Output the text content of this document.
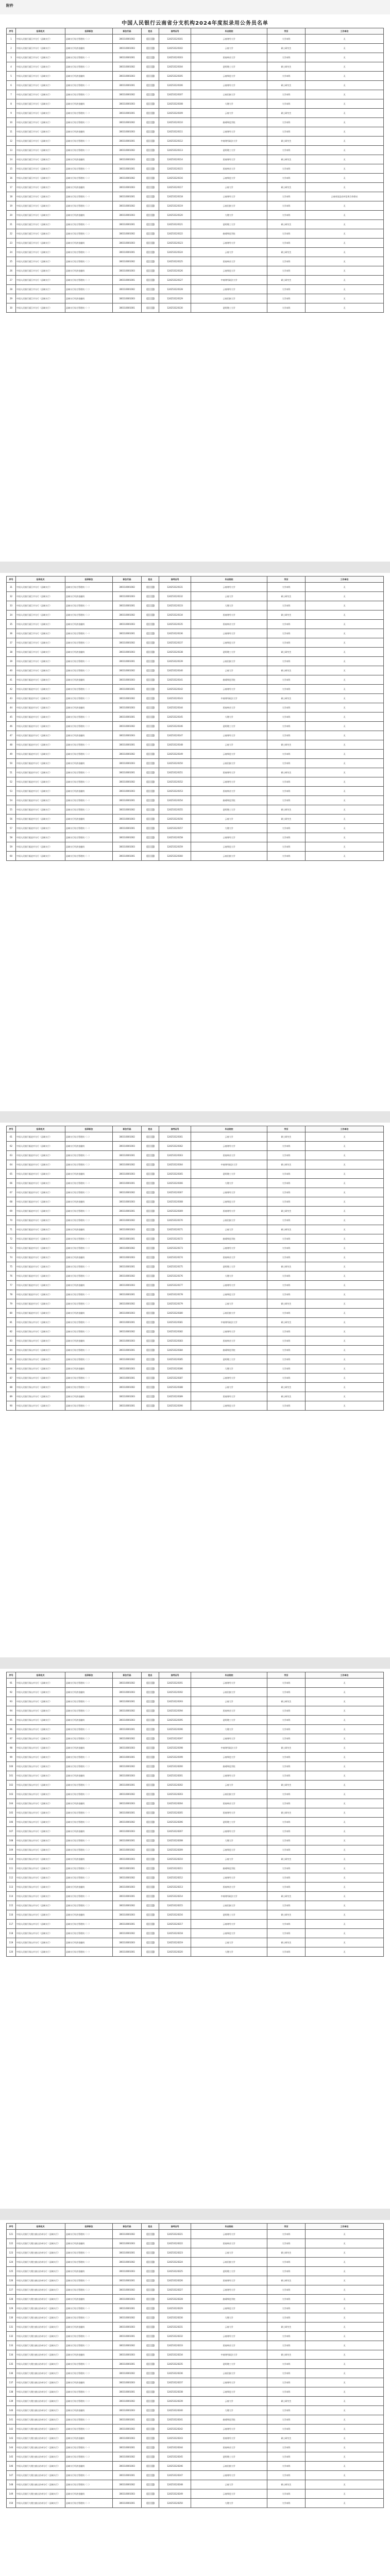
附件
中国人民银行云南省分支机构2024年度拟录用公务员名单
序号	招录机关	招录职位	职位代码	姓名	准考证号	毕业院校	学历	工作单位
1	中国人民银行丽江市分行（县域支行）	县域支行综合管理岗（二）	300110001002		124253120101	云南财经大学	大学本科	无
2	中国人民银行丽江市分行（县域支行）	县域支行经济金融岗	300110001003		124253120102	云南大学	硕士研究生	无
3	中国人民银行丽江市分行（县域支行）	县域支行综合管理岗（一）	300110001001		124253120103	西南林业大学	大学本科	无
4	中国人民银行丽江市分行（县域支行）	县域支行综合管理岗（二）	300110001002		124253120104	昆明理工大学	硕士研究生	无
5	中国人民银行丽江市分行（县域支行）	县域支行经济金融岗	300110001003		124253120105	云南师范大学	大学本科	无
6	中国人民银行丽江市分行（县域支行）	县域支行综合管理岗（一）	300110001001		124253120106	云南财经大学	硕士研究生	无
7	中国人民银行丽江市分行（县域支行）	县域支行综合管理岗（二）	300110001002		124253120107	云南民族大学	大学本科	无
8	中国人民银行丽江市分行（县域支行）	县域支行经济金融岗	300110001003		124253120108	大理大学	大学本科	无
9	中国人民银行丽江市分行（县域支行）	县域支行综合管理岗（一）	300110001001		124253120109	云南大学	硕士研究生	无
10	中国人民银行丽江市分行（县域支行）	县域支行综合管理岗（二）	300110001002		124253120110	曲靖师范学院	大学本科	无
11	中国人民银行丽江市分行（县域支行）	县域支行经济金融岗	300110001003		124253120111	云南财经大学	大学本科	无
12	中国人民银行丽江市分行（县域支行）	县域支行综合管理岗（一）	300110001001		124253120112	中南财经政法大学	硕士研究生	无
13	中国人民银行丽江市分行（县域支行）	县域支行综合管理岗（二）	300110001002		124253120113	昆明理工大学	大学本科	无
14	中国人民银行丽江市分行（县域支行）	县域支行经济金融岗	300110001003		124253120114	西南财经大学	硕士研究生	无
15	中国人民银行丽江市分行（县域支行）	县域支行综合管理岗（一）	300110001001		124253120115	西南林业大学	大学本科	无
16	中国人民银行丽江市分行（县域支行）	县域支行综合管理岗（二）	300110001002		124253120116	云南师范大学	大学本科	无
17	中国人民银行丽江市分行（县域支行）	县域支行经济金融岗	300110001003		124253120117	云南大学	硕士研究生	无
18	中国人民银行丽江市分行（县域支行）	县域支行综合管理岗（一）	300110001001		124253120118	云南财经大学	大学本科	云南省某县农村信用合作联社
19	中国人民银行丽江市分行（县域支行）	县域支行综合管理岗（二）	300110001002		124253120119	云南民族大学	大学本科	无
20	中国人民银行丽江市分行（县域支行）	县域支行经济金融岗	300110001003		124253120120	大理大学	大学本科	无
21	中国人民银行丽江市分行（县域支行）	县域支行综合管理岗（一）	300110001001		124253120121	昆明理工大学	硕士研究生	无
22	中国人民银行丽江市分行（县域支行）	县域支行综合管理岗（二）	300110001002		124253120122	曲靖师范学院	大学本科	无
23	中国人民银行丽江市分行（县域支行）	县域支行经济金融岗	300110001003		124253120123	云南财经大学	大学本科	无
24	中国人民银行丽江市分行（县域支行）	县域支行综合管理岗（一）	300110001001		124253120124	云南大学	硕士研究生	无
25	中国人民银行丽江市分行（县域支行）	县域支行综合管理岗（二）	300110001002		124253120125	西南林业大学	大学本科	无
26	中国人民银行丽江市分行（县域支行）	县域支行经济金融岗	300110001003		124253120126	云南师范大学	大学本科	无
27	中国人民银行丽江市分行（县域支行）	县域支行综合管理岗（一）	300110001001		124253120127	中南财经政法大学	硕士研究生	无
28	中国人民银行丽江市分行（县域支行）	县域支行综合管理岗（二）	300110001002		124253120128	云南财经大学	大学本科	无
29	中国人民银行丽江市分行（县域支行）	县域支行经济金融岗	300110001003		124253120129	云南民族大学	大学本科	无
30	中国人民银行丽江市分行（县域支行）	县域支行综合管理岗（一）	300110001001		124253120130	昆明理工大学	大学本科	无
序号	招录机关	招录职位	职位代码	姓名	准考证号	毕业院校	学历	工作单位
31	中国人民银行丽江市分行（县域支行）	县域支行综合管理岗（二）	300110001002		124253120131	云南财经大学	大学本科	无
32	中国人民银行丽江市分行（县域支行）	县域支行经济金融岗	300110001003		124253120132	云南大学	硕士研究生	无
33	中国人民银行丽江市分行（县域支行）	县域支行综合管理岗（一）	300110001001		124253120133	大理大学	大学本科	无
34	中国人民银行丽江市分行（县域支行）	县域支行综合管理岗（二）	300110001002		124253120134	西南财经大学	硕士研究生	无
35	中国人民银行丽江市分行（县域支行）	县域支行经济金融岗	300110001003		124253120135	西南林业大学	大学本科	无
36	中国人民银行丽江市分行（县域支行）	县域支行综合管理岗（一）	300110001001		124253120136	云南财经大学	大学本科	无
37	中国人民银行丽江市分行（县域支行）	县域支行综合管理岗（二）	300110001002		124253120137	云南师范大学	大学本科	无
38	中国人民银行丽江市分行（县域支行）	县域支行经济金融岗	300110001003		124253120138	昆明理工大学	硕士研究生	无
39	中国人民银行丽江市分行（县域支行）	县域支行综合管理岗（一）	300110001001		124253120139	云南民族大学	大学本科	无
40	中国人民银行丽江市分行（县域支行）	县域支行综合管理岗（二）	300110001002		124253120140	云南大学	硕士研究生	无
41	中国人民银行临沧市分行（县域支行）	县域支行经济金融岗	300110001003		124253120141	曲靖师范学院	大学本科	无
42	中国人民银行临沧市分行（县域支行）	县域支行综合管理岗（一）	300110001001		124253120142	云南财经大学	大学本科	无
43	中国人民银行临沧市分行（县域支行）	县域支行综合管理岗（二）	300110001002		124253120143	中南财经政法大学	硕士研究生	无
44	中国人民银行临沧市分行（县域支行）	县域支行经济金融岗	300110001003		124253120144	西南林业大学	大学本科	无
45	中国人民银行临沧市分行（县域支行）	县域支行综合管理岗（一）	300110001001		124253120145	大理大学	大学本科	无
46	中国人民银行临沧市分行（县域支行）	县域支行综合管理岗（二）	300110001002		124253120146	昆明理工大学	大学本科	无
47	中国人民银行临沧市分行（县域支行）	县域支行经济金融岗	300110001003		124253120147	云南财经大学	大学本科	无
48	中国人民银行临沧市分行（县域支行）	县域支行综合管理岗（一）	300110001001		124253120148	云南大学	硕士研究生	无
49	中国人民银行临沧市分行（县域支行）	县域支行综合管理岗（二）	300110001002		124253120149	云南师范大学	大学本科	无
50	中国人民银行临沧市分行（县域支行）	县域支行经济金融岗	300110001003		124253120150	云南民族大学	大学本科	无
51	中国人民银行临沧市分行（县域支行）	县域支行综合管理岗（一）	300110001001		124253120151	西南财经大学	硕士研究生	无
52	中国人民银行临沧市分行（县域支行）	县域支行综合管理岗（二）	300110001002		124253120152	云南财经大学	大学本科	无
53	中国人民银行临沧市分行（县域支行）	县域支行经济金融岗	300110001003		124253120153	西南林业大学	大学本科	无
54	中国人民银行临沧市分行（县域支行）	县域支行综合管理岗（一）	300110001001		124253120154	曲靖师范学院	大学本科	无
55	中国人民银行临沧市分行（县域支行）	县域支行综合管理岗（二）	300110001002		124253120155	昆明理工大学	硕士研究生	无
56	中国人民银行临沧市分行（县域支行）	县域支行经济金融岗	300110001003		124253120156	云南大学	硕士研究生	无
57	中国人民银行临沧市分行（县域支行）	县域支行综合管理岗（一）	300110001001		124253120157	大理大学	大学本科	无
58	中国人民银行临沧市分行（县域支行）	县域支行综合管理岗（二）	300110001002		124253120158	云南财经大学	大学本科	无
59	中国人民银行临沧市分行（县域支行）	县域支行经济金融岗	300110001003		124253120159	云南师范大学	大学本科	无
60	中国人民银行临沧市分行（县域支行）	县域支行综合管理岗（一）	300110001001		124253120160	云南民族大学	大学本科	无
序号	招录机关	招录职位	职位代码	姓名	准考证号	毕业院校	学历	工作单位
61	中国人民银行临沧市分行（县域支行）	县域支行综合管理岗（二）	300110001002		124253120161	云南大学	硕士研究生	无
62	中国人民银行临沧市分行（县域支行）	县域支行经济金融岗	300110001003		124253120162	云南财经大学	大学本科	无
63	中国人民银行临沧市分行（县域支行）	县域支行综合管理岗（一）	300110001001		124253120163	西南林业大学	大学本科	无
64	中国人民银行临沧市分行（县域支行）	县域支行综合管理岗（二）	300110001002		124253120164	中南财经政法大学	硕士研究生	无
65	中国人民银行临沧市分行（县域支行）	县域支行经济金融岗	300110001003		124253120165	昆明理工大学	大学本科	无
66	中国人民银行临沧市分行（县域支行）	县域支行综合管理岗（一）	300110001001		124253120166	大理大学	大学本科	无
67	中国人民银行临沧市分行（县域支行）	县域支行综合管理岗（二）	300110001002		124253120167	云南财经大学	大学本科	无
68	中国人民银行临沧市分行（县域支行）	县域支行经济金融岗	300110001003		124253120168	云南师范大学	大学本科	无
69	中国人民银行临沧市分行（县域支行）	县域支行综合管理岗（一）	300110001001		124253120169	西南财经大学	硕士研究生	无
70	中国人民银行临沧市分行（县域支行）	县域支行综合管理岗（二）	300110001002		124253120170	云南民族大学	大学本科	无
71	中国人民银行临沧市分行（县域支行）	县域支行经济金融岗	300110001003		124253120171	云南大学	硕士研究生	无
72	中国人民银行临沧市分行（县域支行）	县域支行综合管理岗（一）	300110001001		124253120172	曲靖师范学院	大学本科	无
73	中国人民银行临沧市分行（县域支行）	县域支行综合管理岗（二）	300110001002		124253120173	云南财经大学	大学本科	无
74	中国人民银行临沧市分行（县域支行）	县域支行经济金融岗	300110001003		124253120174	西南林业大学	大学本科	无
75	中国人民银行临沧市分行（县域支行）	县域支行综合管理岗（一）	300110001001		124253120175	昆明理工大学	硕士研究生	无
76	中国人民银行临沧市分行（县域支行）	县域支行综合管理岗（二）	300110001002		124253120176	大理大学	大学本科	无
77	中国人民银行临沧市分行（县域支行）	县域支行经济金融岗	300110001003		124253120177	云南财经大学	大学本科	无
78	中国人民银行临沧市分行（县域支行）	县域支行综合管理岗（一）	300110001001		124253120178	云南师范大学	大学本科	无
79	中国人民银行临沧市分行（县域支行）	县域支行综合管理岗（二）	300110001002		124253120179	云南大学	硕士研究生	无
80	中国人民银行临沧市分行（县域支行）	县域支行经济金融岗	300110001003		124253120180	云南民族大学	大学本科	无
81	中国人民银行保山市分行（县域支行）	县域支行综合管理岗（一）	300110001001		124253120181	中南财经政法大学	硕士研究生	无
82	中国人民银行保山市分行（县域支行）	县域支行综合管理岗（二）	300110001002		124253120182	云南财经大学	大学本科	无
83	中国人民银行保山市分行（县域支行）	县域支行经济金融岗	300110001003		124253120183	西南林业大学	大学本科	无
84	中国人民银行保山市分行（县域支行）	县域支行综合管理岗（一）	300110001001		124253120184	曲靖师范学院	大学本科	无
85	中国人民银行保山市分行（县域支行）	县域支行综合管理岗（二）	300110001002		124253120185	昆明理工大学	大学本科	无
86	中国人民银行保山市分行（县域支行）	县域支行经济金融岗	300110001003		124253120186	大理大学	大学本科	无
87	中国人民银行保山市分行（县域支行）	县域支行综合管理岗（一）	300110001001		124253120187	云南财经大学	大学本科	无
88	中国人民银行保山市分行（县域支行）	县域支行综合管理岗（二）	300110001002		124253120188	云南大学	硕士研究生	无
89	中国人民银行保山市分行（县域支行）	县域支行经济金融岗	300110001003		124253120189	西南财经大学	硕士研究生	无
90	中国人民银行保山市分行（县域支行）	县域支行综合管理岗（一）	300110001001		124253120190	云南师范大学	大学本科	无
序号	招录机关	招录职位	职位代码	姓名	准考证号	毕业院校	学历	工作单位
91	中国人民银行保山市分行（县域支行）	县域支行综合管理岗（二）	300110001002		124253120191	云南财经大学	大学本科	无
92	中国人民银行保山市分行（县域支行）	县域支行经济金融岗	300110001003		124253120192	云南民族大学	大学本科	无
93	中国人民银行保山市分行（县域支行）	县域支行综合管理岗（一）	300110001001		124253120193	云南大学	硕士研究生	无
94	中国人民银行保山市分行（县域支行）	县域支行综合管理岗（二）	300110001002		124253120194	西南林业大学	大学本科	无
95	中国人民银行保山市分行（县域支行）	县域支行经济金融岗	300110001003		124253120195	昆明理工大学	大学本科	无
96	中国人民银行保山市分行（县域支行）	县域支行综合管理岗（一）	300110001001		124253120196	大理大学	大学本科	无
97	中国人民银行保山市分行（县域支行）	县域支行综合管理岗（二）	300110001002		124253120197	云南财经大学	大学本科	无
98	中国人民银行保山市分行（县域支行）	县域支行经济金融岗	300110001003		124253120198	中南财经政法大学	硕士研究生	无
99	中国人民银行保山市分行（县域支行）	县域支行综合管理岗（一）	300110001001		124253120199	云南师范大学	大学本科	无
100	中国人民银行保山市分行（县域支行）	县域支行综合管理岗（二）	300110001002		124253120200	曲靖师范学院	大学本科	无
101	中国人民银行保山市分行（县域支行）	县域支行经济金融岗	300110001003		124253120201	云南财经大学	大学本科	无
102	中国人民银行保山市分行（县域支行）	县域支行综合管理岗（一）	300110001001		124253120202	云南大学	硕士研究生	无
103	中国人民银行保山市分行（县域支行）	县域支行综合管理岗（二）	300110001002		124253120203	云南民族大学	大学本科	无
104	中国人民银行保山市分行（县域支行）	县域支行经济金融岗	300110001003		124253120204	西南林业大学	大学本科	无
105	中国人民银行保山市分行（县域支行）	县域支行综合管理岗（一）	300110001001		124253120205	西南财经大学	硕士研究生	无
106	中国人民银行保山市分行（县域支行）	县域支行综合管理岗（二）	300110001002		124253120206	昆明理工大学	大学本科	无
107	中国人民银行保山市分行（县域支行）	县域支行经济金融岗	300110001003		124253120207	云南财经大学	大学本科	无
108	中国人民银行保山市分行（县域支行）	县域支行综合管理岗（一）	300110001001		124253120208	大理大学	大学本科	无
109	中国人民银行保山市分行（县域支行）	县域支行综合管理岗（二）	300110001002		124253120209	云南师范大学	大学本科	无
110	中国人民银行保山市分行（县域支行）	县域支行经济金融岗	300110001003		124253120210	云南大学	硕士研究生	无
111	中国人民银行保山市分行（县域支行）	县域支行综合管理岗（一）	300110001001		124253120211	曲靖师范学院	大学本科	无
112	中国人民银行保山市分行（县域支行）	县域支行综合管理岗（二）	300110001002		124253120212	云南财经大学	大学本科	无
113	中国人民银行保山市分行（县域支行）	县域支行经济金融岗	300110001003		124253120213	西南林业大学	大学本科	无
114	中国人民银行保山市分行（县域支行）	县域支行综合管理岗（一）	300110001001		124253120214	中南财经政法大学	硕士研究生	无
115	中国人民银行保山市分行（县域支行）	县域支行综合管理岗（二）	300110001002		124253120215	云南民族大学	大学本科	无
116	中国人民银行保山市分行（县域支行）	县域支行经济金融岗	300110001003		124253120216	昆明理工大学	硕士研究生	无
117	中国人民银行保山市分行（县域支行）	县域支行综合管理岗（一）	300110001001		124253120217	云南财经大学	大学本科	无
118	中国人民银行保山市分行（县域支行）	县域支行综合管理岗（二）	300110001002		124253120218	云南师范大学	大学本科	无
119	中国人民银行保山市分行（县域支行）	县域支行经济金融岗	300110001003		124253120219	云南大学	硕士研究生	无
120	中国人民银行保山市分行（县域支行）	县域支行综合管理岗（一）	300110001001		124253120220	大理大学	大学本科	无
序号	招录机关	招录职位	职位代码	姓名	准考证号	毕业院校	学历	工作单位
121	中国人民银行大理白族自治州分行（县域支行）	县域支行综合管理岗（二）	300110001002		124253120221	云南财经大学	大学本科	无
122	中国人民银行大理白族自治州分行（县域支行）	县域支行经济金融岗	300110001003		124253120222	西南林业大学	大学本科	无
123	中国人民银行大理白族自治州分行（县域支行）	县域支行综合管理岗（一）	300110001001		124253120223	云南大学	硕士研究生	无
124	中国人民银行大理白族自治州分行（县域支行）	县域支行综合管理岗（二）	300110001002		124253120224	云南民族大学	大学本科	无
125	中国人民银行大理白族自治州分行（县域支行）	县域支行经济金融岗	300110001003		124253120225	昆明理工大学	大学本科	无
126	中国人民银行大理白族自治州分行（县域支行）	县域支行综合管理岗（一）	300110001001		124253120226	西南财经大学	硕士研究生	无
127	中国人民银行大理白族自治州分行（县域支行）	县域支行综合管理岗（二）	300110001002		124253120227	云南财经大学	大学本科	无
128	中国人民银行大理白族自治州分行（县域支行）	县域支行经济金融岗	300110001003		124253120228	曲靖师范学院	大学本科	无
129	中国人民银行大理白族自治州分行（县域支行）	县域支行综合管理岗（一）	300110001001		124253120229	云南师范大学	大学本科	无
130	中国人民银行大理白族自治州分行（县域支行）	县域支行综合管理岗（二）	300110001002		124253120230	大理大学	大学本科	无
131	中国人民银行大理白族自治州分行（县域支行）	县域支行经济金融岗	300110001003		124253120231	云南大学	硕士研究生	无
132	中国人民银行大理白族自治州分行（县域支行）	县域支行综合管理岗（一）	300110001001		124253120232	云南财经大学	大学本科	无
133	中国人民银行大理白族自治州分行（县域支行）	县域支行综合管理岗（二）	300110001002		124253120233	西南林业大学	大学本科	无
134	中国人民银行大理白族自治州分行（县域支行）	县域支行经济金融岗	300110001003		124253120234	中南财经政法大学	硕士研究生	无
135	中国人民银行大理白族自治州分行（县域支行）	县域支行综合管理岗（一）	300110001001		124253120235	昆明理工大学	大学本科	无
136	中国人民银行大理白族自治州分行（县域支行）	县域支行综合管理岗（二）	300110001002		124253120236	云南民族大学	大学本科	无
137	中国人民银行大理白族自治州分行（县域支行）	县域支行经济金融岗	300110001003		124253120237	云南财经大学	大学本科	无
138	中国人民银行大理白族自治州分行（县域支行）	县域支行综合管理岗（一）	300110001001		124253120238	云南师范大学	大学本科	无
139	中国人民银行大理白族自治州分行（县域支行）	县域支行综合管理岗（二）	300110001002		124253120239	云南大学	硕士研究生	无
140	中国人民银行大理白族自治州分行（县域支行）	县域支行经济金融岗	300110001003		124253120240	大理大学	大学本科	无
141	中国人民银行大理白族自治州分行（县域支行）	县域支行综合管理岗（一）	300110001001		124253120241	曲靖师范学院	大学本科	无
142	中国人民银行大理白族自治州分行（县域支行）	县域支行综合管理岗（二）	300110001002		124253120242	云南财经大学	大学本科	无
143	中国人民银行大理白族自治州分行（县域支行）	县域支行经济金融岗	300110001003		124253120243	西南财经大学	硕士研究生	无
144	中国人民银行大理白族自治州分行（县域支行）	县域支行综合管理岗（一）	300110001001		124253120244	西南林业大学	大学本科	无
145	中国人民银行大理白族自治州分行（县域支行）	县域支行综合管理岗（二）	300110001002		124253120245	昆明理工大学	大学本科	无
146	中国人民银行大理白族自治州分行（县域支行）	县域支行经济金融岗	300110001003		124253120246	云南民族大学	大学本科	无
147	中国人民银行大理白族自治州分行（县域支行）	县域支行综合管理岗（一）	300110001001		124253120247	云南财经大学	大学本科	无
148	中国人民银行大理白族自治州分行（县域支行）	县域支行综合管理岗（二）	300110001002		124253120248	云南大学	硕士研究生	无
149	中国人民银行大理白族自治州分行（县域支行）	县域支行经济金融岗	300110001003		124253120249	云南师范大学	大学本科	无
150	中国人民银行大理白族自治州分行（县域支行）	县域支行综合管理岗（一）	300110001001		124253120250	大理大学	大学本科	无
